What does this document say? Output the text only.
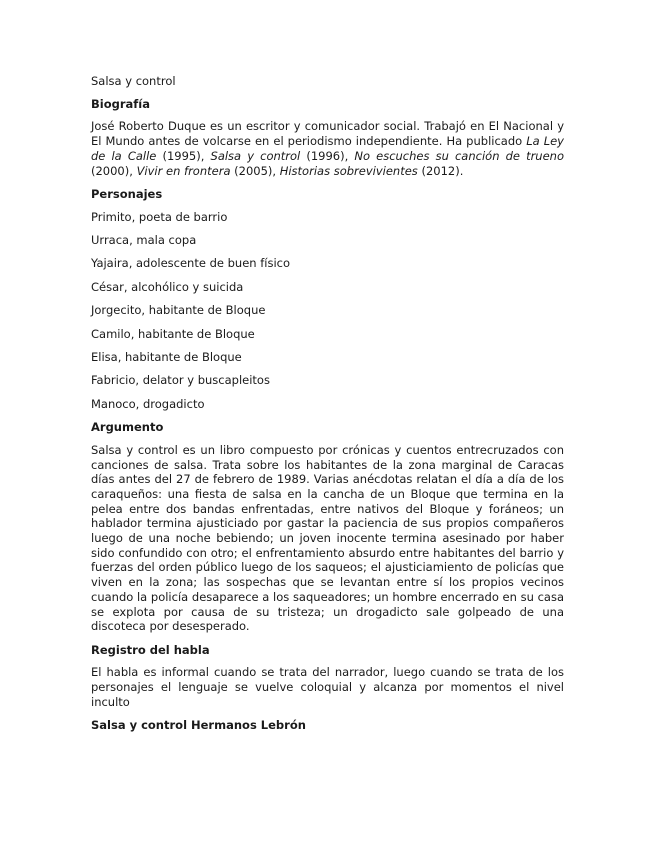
Salsa y control

Biografía

José Roberto Duque es un escritor y comunicador social. Trabajó en El Nacional y El Mundo antes de volcarse en el periodismo independiente. Ha publicado La Ley de la Calle (1995), Salsa y control (1996), No escuches su canción de trueno (2000), Vivir en frontera (2005), Historias sobrevivientes (2012).

Personajes

Primito, poeta de barrio

Urraca, mala copa

Yajaira, adolescente de buen físico

César, alcohólico y suicida

Jorgecito, habitante de Bloque

Camilo, habitante de Bloque

Elisa, habitante de Bloque

Fabricio, delator y buscapleitos

Manoco, drogadicto

Argumento

Salsa y control es un libro compuesto por crónicas y cuentos entrecruzados con canciones de salsa. Trata sobre los habitantes de la zona marginal de Caracas días antes del 27 de febrero de 1989. Varias anécdotas relatan el día a día de los caraqueños: una fiesta de salsa en la cancha de un Bloque que termina en la pelea entre dos bandas enfrentadas, entre nativos del Bloque y foráneos; un hablador termina ajusticiado por gastar la paciencia de sus propios compañeros luego de una noche bebiendo; un joven inocente termina asesinado por haber sido confundido con otro; el enfrentamiento absurdo entre habitantes del barrio y fuerzas del orden público luego de los saqueos; el ajusticiamiento de policías que viven en la zona; las sospechas que se levantan entre sí los propios vecinos cuando la policía desaparece a los saqueadores; un hombre encerrado en su casa se explota por causa de su tristeza; un drogadicto sale golpeado de una discoteca por desesperado.

Registro del habla

El habla es informal cuando se trata del narrador, luego cuando se trata de los personajes el lenguaje se vuelve coloquial y alcanza por momentos el nivel inculto

Salsa y control Hermanos Lebrón
